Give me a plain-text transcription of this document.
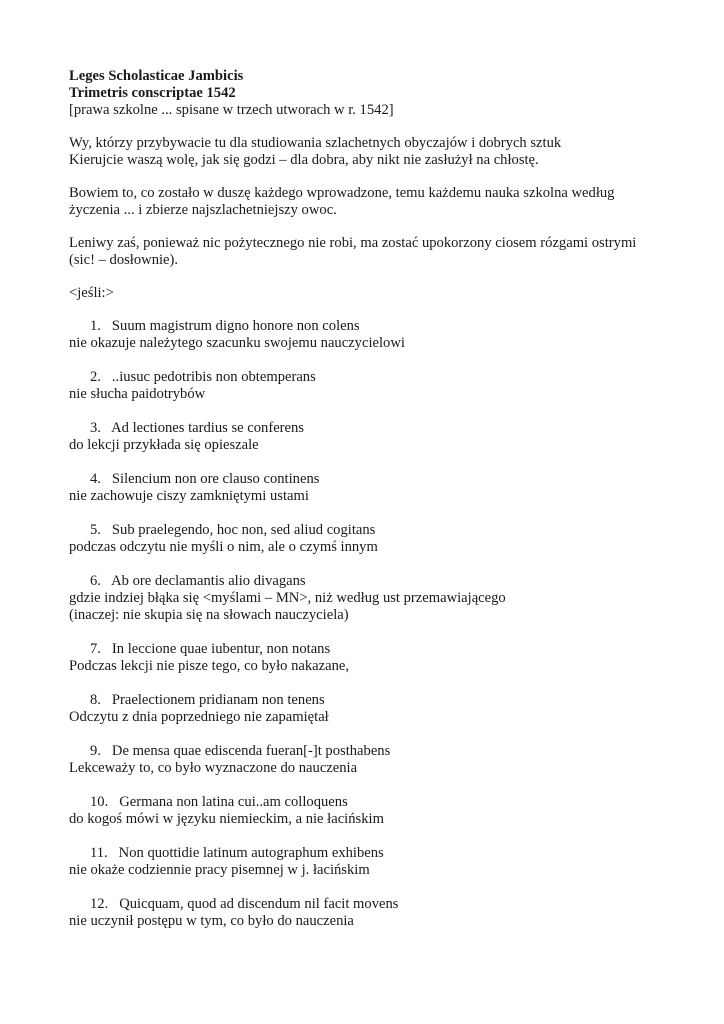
Leges Scholasticae Jambicis

Trimetris conscriptae 1542

[prawa szkolne ... spisane w trzech utworach w r. 1542]

Wy, którzy przybywacie tu dla studiowania szlachetnych obyczajów i dobrych sztuk

Kierujcie waszą wolę, jak się godzi – dla dobra, aby nikt nie zasłużył na chłostę.

Bowiem to, co zostało w duszę każdego wprowadzone, temu każdemu nauka szkolna według

życzenia ... i zbierze najszlachetniejszy owoc.

Leniwy zaś, ponieważ nic pożytecznego nie robi, ma zostać upokorzony ciosem rózgami ostrymi

(sic! – dosłownie).

<jeśli:>

1. Suum magistrum digno honore non colens

nie okazuje należytego szacunku swojemu nauczycielowi

2. ..iusuc pedotribis non obtemperans

nie słucha paidotrybów

3. Ad lectiones tardius se conferens

do lekcji przykłada się opieszale

4. Silencium non ore clauso continens

nie zachowuje ciszy zamkniętymi ustami

5. Sub praelegendo, hoc non, sed aliud cogitans

podczas odczytu nie myśli o nim, ale o czymś innym

6. Ab ore declamantis alio divagans

gdzie indziej błąka się <myślami – MN>, niż według ust przemawiającego

(inaczej: nie skupia się na słowach nauczyciela)

7. In leccione quae iubentur, non notans

Podczas lekcji nie pisze tego, co było nakazane,

8. Praelectionem pridianam non tenens

Odczytu z dnia poprzedniego nie zapamiętał

9. De mensa quae ediscenda fueran[-]t posthabens

Lekceważy to, co było wyznaczone do nauczenia

10. Germana non latina cui..am colloquens

do kogoś mówi w języku niemieckim, a nie łacińskim

11. Non quottidie latinum autographum exhibens

nie okaże codziennie pracy pisemnej w j. łacińskim

12. Quicquam, quod ad discendum nil facit movens

nie uczynił postępu w tym, co było do nauczenia
